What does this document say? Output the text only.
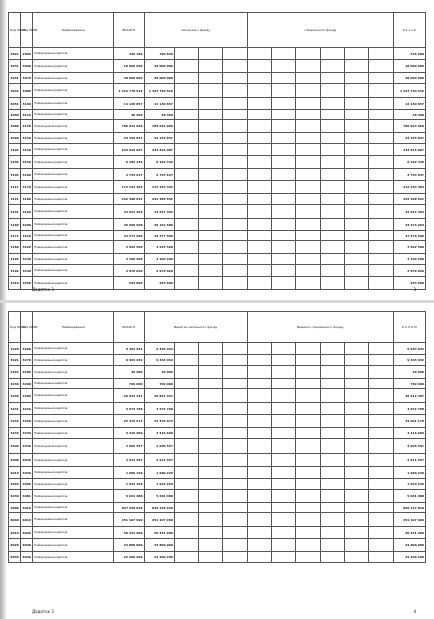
Код КПКВ	Код КЕКВ	Найменування	ВСЬОГО	загального фонду				спеціального фонду						Р а з о м
2821	2800	Найменування видатків	246 180	790 830										548 289
3031	3000	Найменування видатків	18 000 000	18 000 000										18 000 000
3041	3070	Найменування видатків	38 000 000	38 000 000										38 000 000
3042	3080	Найменування видатків	1 423 770 516	1 423 730 516										1 423 730 516
3051	3100	Найменування видатків	14 130 857	14 130 857										14 130 857
3060	3110	Найменування видатків	38 400	38 400										38 400
3080	3120	Найменування видатків	786 044 960	786 044 960										786 044 960
3090	3130	Найменування видатків	44 155 837	44 155 837										44 155 837
3101	3140	Найменування видатків	233 815 007	233 815 007										233 815 007
3104	3150	Найменування видатків	9 192 436	9 192 436										9 192 436
3105	3160	Найменування видатків	2 754 637	2 754 637										2 754 637
3111	3170	Найменування видатків	172 154 304	172 154 304										172 154 304
3121	3180	Найменування видатків	252 398 651	252 398 651										252 398 651
3131	3190	Найменування видатків	33 627 403	33 627 403										33 627 403
3160	3200	Найменування видатків	36 590 508	36 152 580										43 473 264
3171	3210	Найменування видатків	33 577 500	32 377 500										37 578 500
3180	3220	Найменування видатків	3 822 590	3 615 590										3 822 590
3191	3230	Найменування видатків	3 100 200	3 100 200										3 100 200
3192	3240	Найменування видатків	2 976 020	2 976 020										2 976 020
3210	3250	Найменування видатків	253 890	253 890										253 890
Додаток 3	3
Код КПКВ	Код КЕКВ	Найменування	ВСЬОГО	Видатки загального фонду				Видатки спеціального фонду						Р А З О М
3220	3260	Найменування видатків	9 464 032	9 464 032										9 464 032
3221	3270	Найменування видатків	9 464 032	9 464 032										9 464 032
3222	3280	Найменування видатків	49 000	49 000										49 000
3230	3290	Найменування видатків	769 000	769 000										769 000
3240	3300	Найменування видатків	20 831 441	20 831 441										36 412 487
3241	3310	Найменування видатків	3 672 768	3 672 768										3 672 768
3242	3320	Найменування видатків	25 376 673	25 376 673										43 061 170
3243	3330	Найменування видатків	3 416 609	3 416 609										3 416 609
3300	3340	Найменування видатків	2 905 557	2 905 557										2 905 557
4000	4030	Найменування видатків	2 911 557	2 911 557										2 911 557
4010	4040	Найменування видатків	1 960 229	1 960 229										1 960 229
4020	4060	Найменування видатків	1 944 229	1 944 229										1 944 229
4030	4081	Найменування видатків	5 661 088	5 661 088										5 661 088
5000	5010	Найменування видатків	847 259 826	846 228 256										869 127 840
6000	6010	Найменування видатків	251 107 990	251 107 990										251 107 990
6010	6020	Найменування видатків	50 331 900	50 331 900										50 331 900
6020	6030	Найменування видатків	23 800 000	23 800 000										23 800 000
6030	6040	Найменування видатків	22 200 290	22 200 290										22 200 290
Додаток 3	4
